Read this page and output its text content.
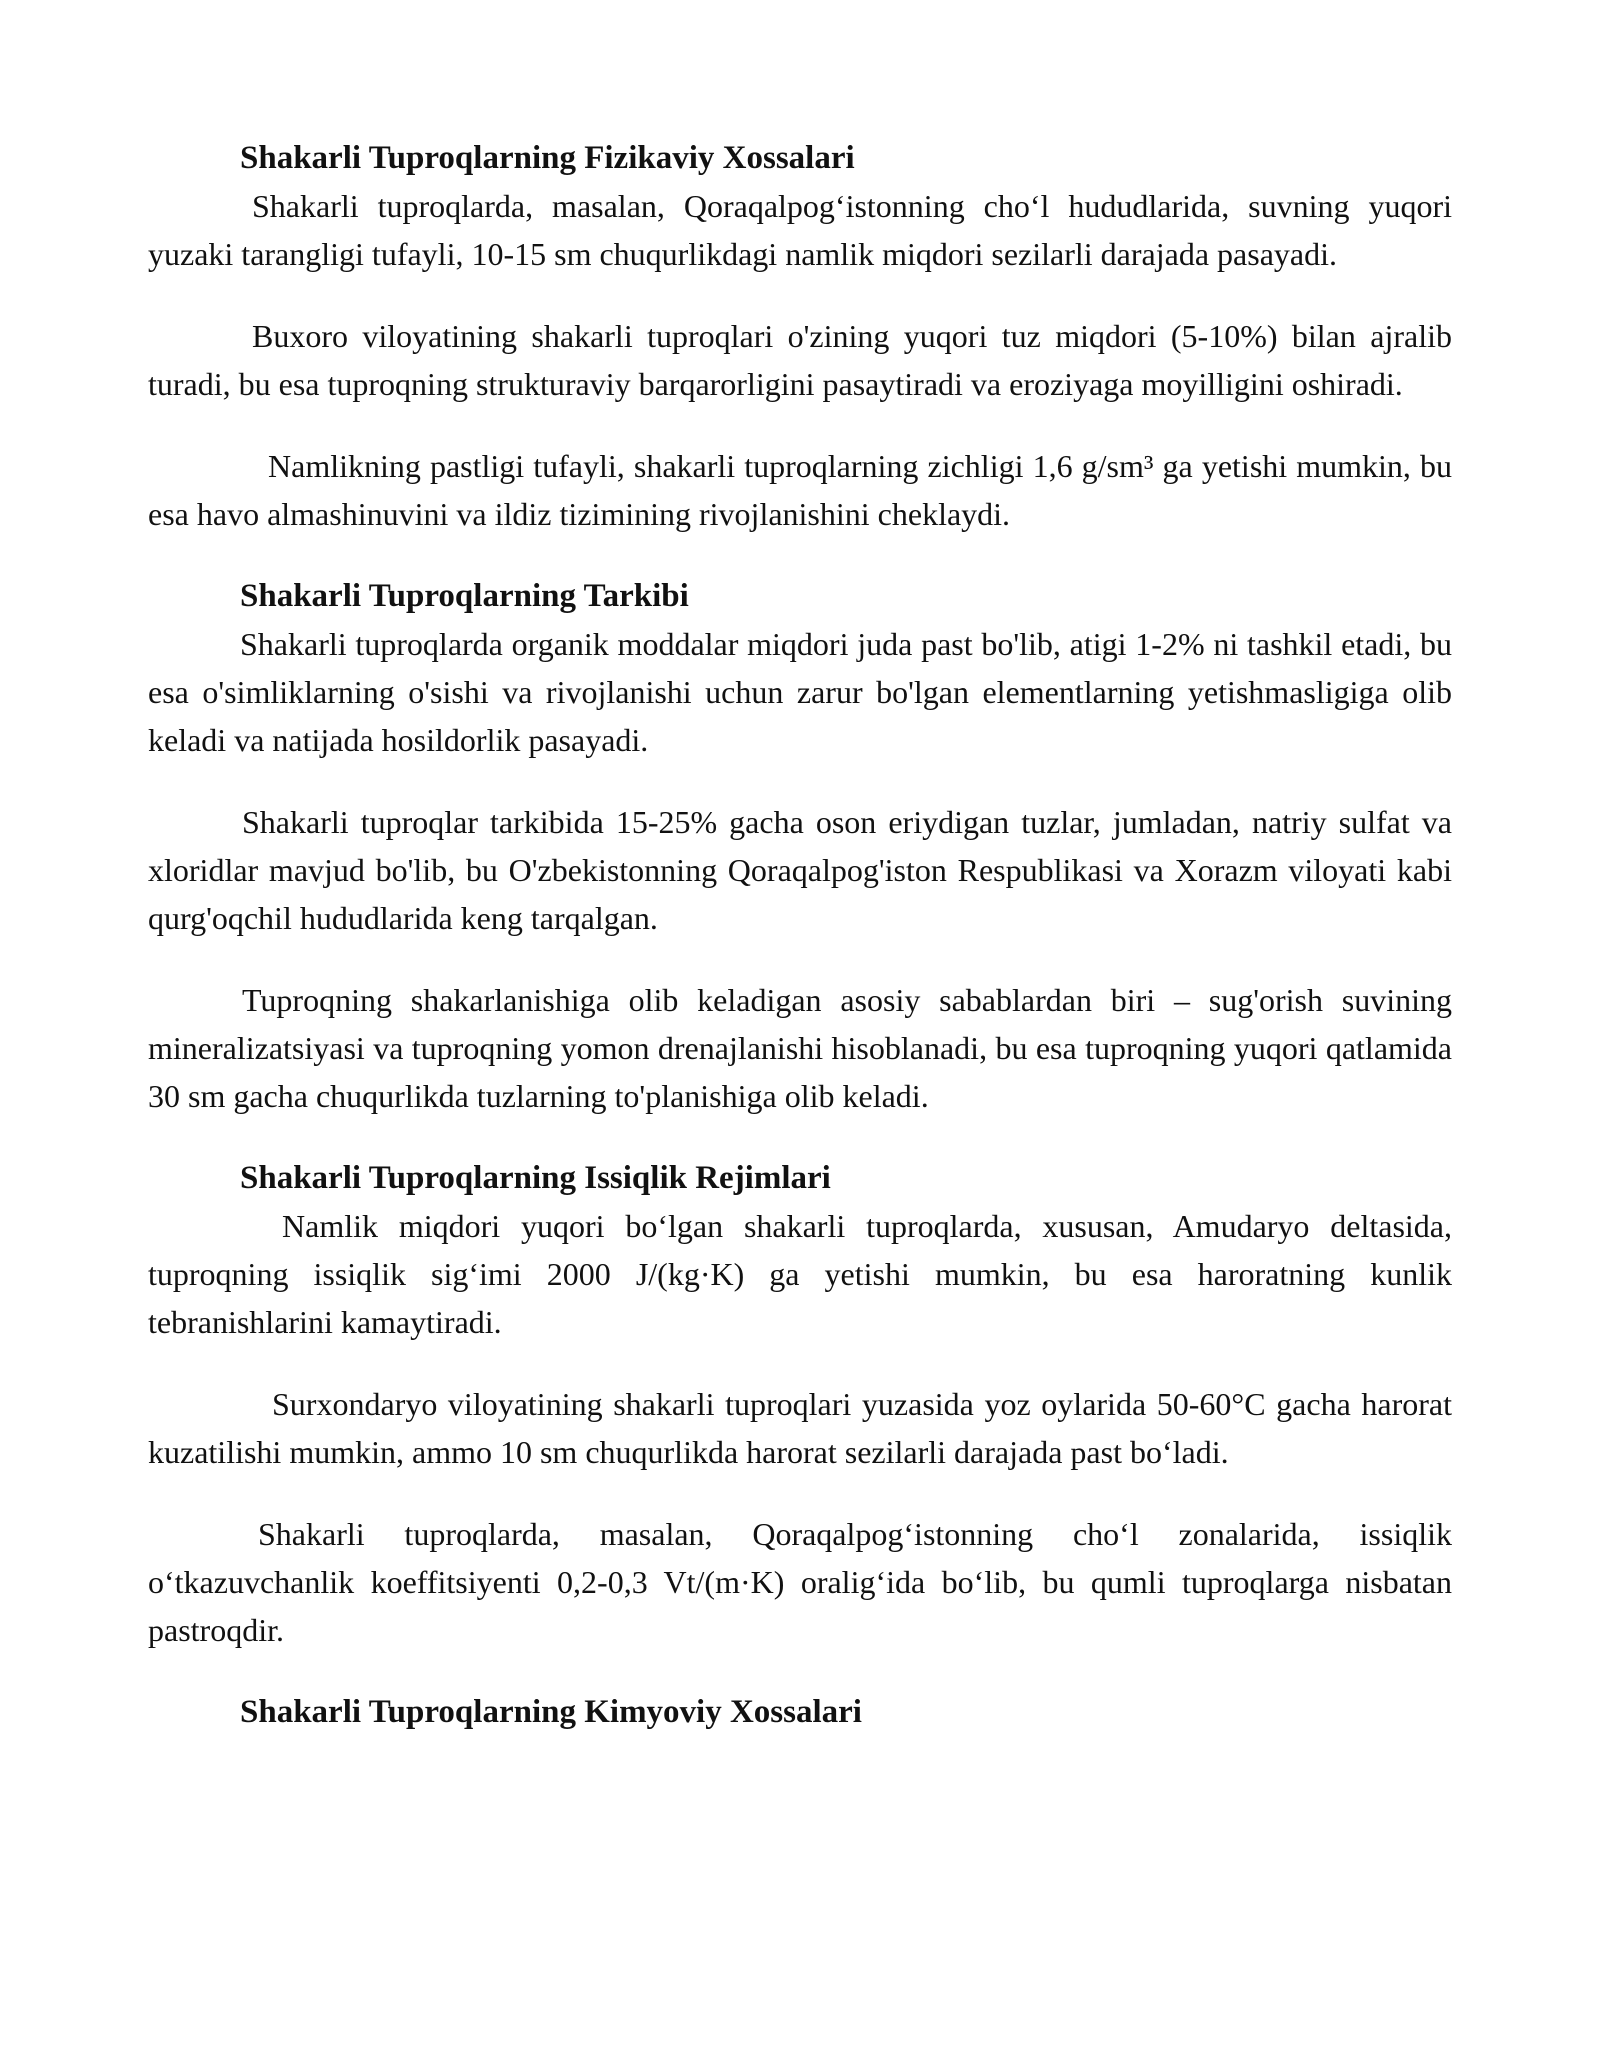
Shakarli Tuproqlarning Fizikaviy Xossalari

Shakarli tuproqlarda, masalan, Qoraqalpog‘istonning cho‘l hududlarida, suvning yuqori yuzaki tarangligi tufayli, 10-15 sm chuqurlikdagi namlik miqdori sezilarli darajada pasayadi.

Buxoro viloyatining shakarli tuproqlari o'zining yuqori tuz miqdori (5-10%) bilan ajralib turadi, bu esa tuproqning strukturaviy barqarorligini pasaytiradi va eroziyaga moyilligini oshiradi.

Namlikning pastligi tufayli, shakarli tuproqlarning zichligi 1,6 g/sm³ ga yetishi mumkin, bu esa havo almashinuvini va ildiz tizimining rivojlanishini cheklaydi.

Shakarli Tuproqlarning Tarkibi

Shakarli tuproqlarda organik moddalar miqdori juda past bo'lib, atigi 1-2% ni tashkil etadi, bu esa o'simliklarning o'sishi va rivojlanishi uchun zarur bo'lgan elementlarning yetishmasligiga olib keladi va natijada hosildorlik pasayadi.

Shakarli tuproqlar tarkibida 15-25% gacha oson eriydigan tuzlar, jumladan, natriy sulfat va xloridlar mavjud bo'lib, bu O'zbekistonning Qoraqalpog'iston Respublikasi va Xorazm viloyati kabi qurg'oqchil hududlarida keng tarqalgan.

Tuproqning shakarlanishiga olib keladigan asosiy sabablardan biri – sug'orish suvining mineralizatsiyasi va tuproqning yomon drenajlanishi hisoblanadi, bu esa tuproqning yuqori qatlamida 30 sm gacha chuqurlikda tuzlarning to'planishiga olib keladi.

Shakarli Tuproqlarning Issiqlik Rejimlari

Namlik miqdori yuqori bo‘lgan shakarli tuproqlarda, xususan, Amudaryo deltasida, tuproqning issiqlik sig‘imi 2000 J/(kg·K) ga yetishi mumkin, bu esa haroratning kunlik tebranishlarini kamaytiradi.

Surxondaryo viloyatining shakarli tuproqlari yuzasida yoz oylarida 50-60°C gacha harorat kuzatilishi mumkin, ammo 10 sm chuqurlikda harorat sezilarli darajada past bo‘ladi.

Shakarli tuproqlarda, masalan, Qoraqalpog‘istonning cho‘l zonalarida, issiqlik o‘tkazuvchanlik koeffitsiyenti 0,2-0,3 Vt/(m·K) oralig‘ida bo‘lib, bu qumli tuproqlarga nisbatan pastroqdir.

Shakarli Tuproqlarning Kimyoviy Xossalari
